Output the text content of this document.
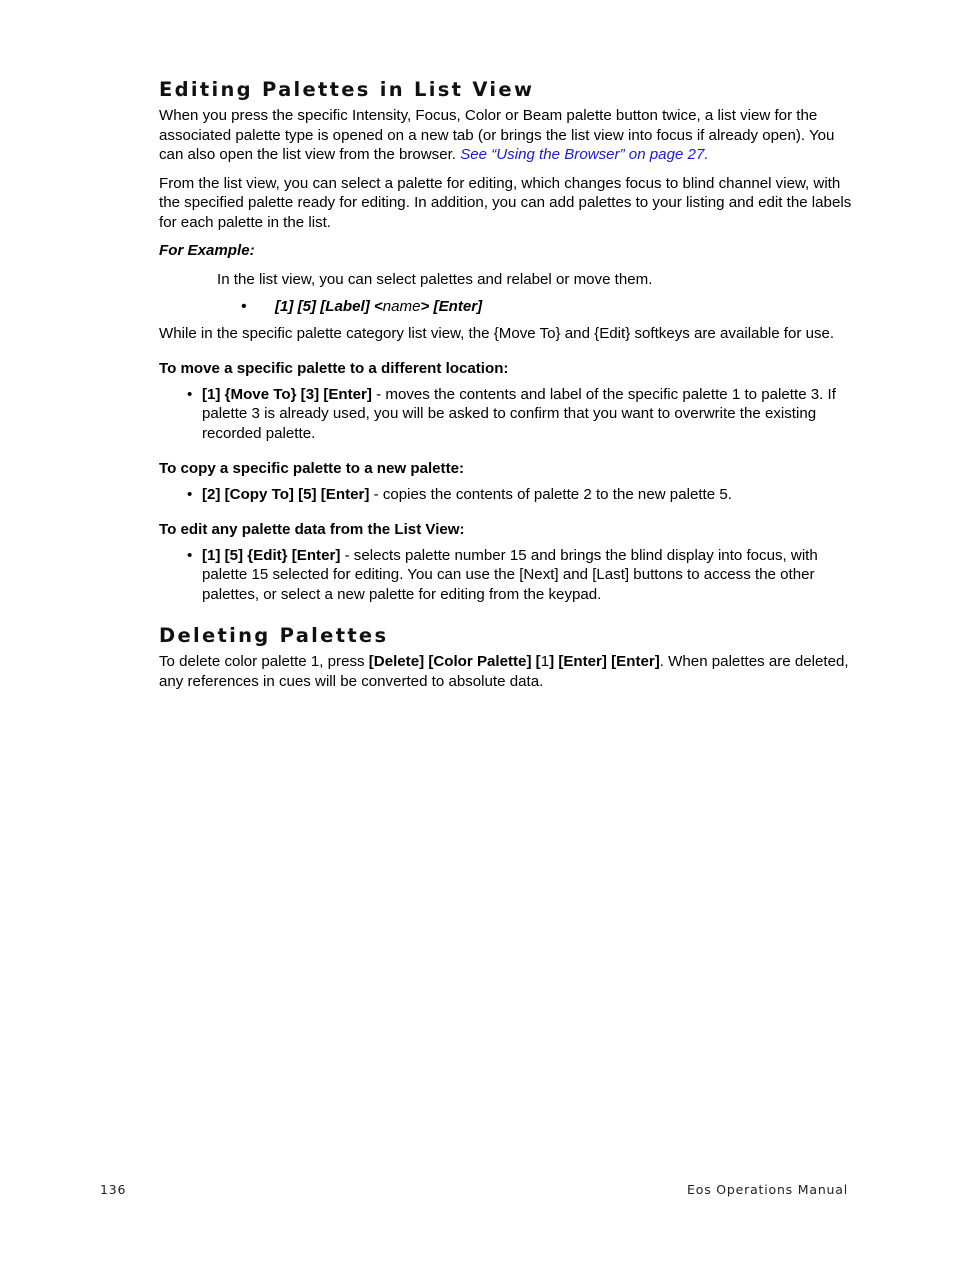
Editing Palettes in List View

When you press the specific Intensity, Focus, Color or Beam palette button twice, a list view for the associated palette type is opened on a new tab (or brings the list view into focus if already open). You can also open the list view from the browser. See “Using the Browser” on page 27.

From the list view, you can select a palette for editing, which changes focus to blind channel view, with the specified palette ready for editing. In addition, you can add palettes to your listing and edit the labels for each palette in the list.

For Example:

In the list view, you can select palettes and relabel or move them.

• [1] [5] [Label] <name> [Enter]

While in the specific palette category list view, the {Move To} and {Edit} softkeys are available for use.

To move a specific palette to a different location:
• [1] {Move To} [3] [Enter] - moves the contents and label of the specific palette 1 to palette 3. If palette 3 is already used, you will be asked to confirm that you want to overwrite the existing recorded palette.
To copy a specific palette to a new palette:
• [2] [Copy To] [5] [Enter] - copies the contents of palette 2 to the new palette 5.
To edit any palette data from the List View:
• [1] [5] {Edit} [Enter] - selects palette number 15 and brings the blind display into focus, with palette 15 selected for editing. You can use the [Next] and [Last] buttons to access the other palettes, or select a new palette for editing from the keypad.
Deleting Palettes

To delete color palette 1, press [Delete] [Color Palette] [1] [Enter] [Enter]. When palettes are deleted, any references in cues will be converted to absolute data.

136	Eos Operations Manual
